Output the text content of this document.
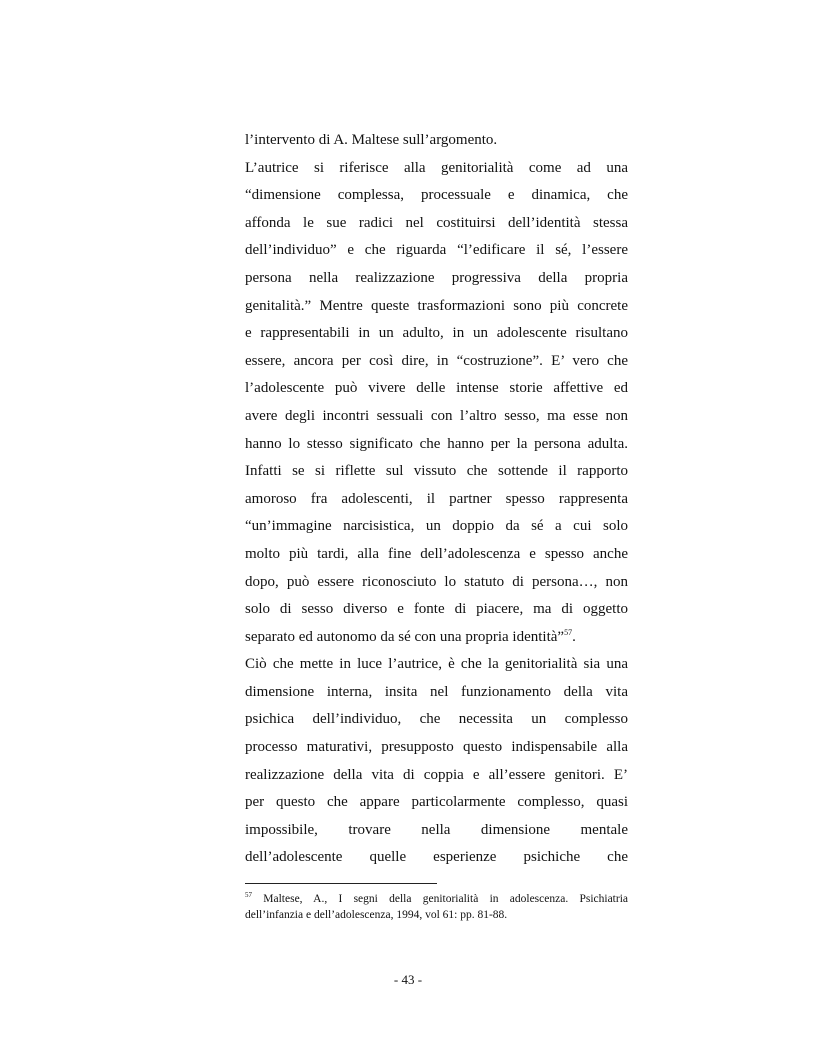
l’intervento di A. Maltese sull’argomento.
L’autrice si riferisce alla genitorialità come ad una
“dimensione complessa, processuale e dinamica, che
affonda le sue radici nel costituirsi dell’identità stessa
dell’individuo” e che riguarda “l’edificare il sé, l’essere
persona nella realizzazione progressiva della propria
genitalità.” Mentre queste trasformazioni sono più concrete
e rappresentabili in un adulto, in un adolescente risultano
essere, ancora per così dire, in “costruzione”. E’ vero che
l’adolescente può vivere delle intense storie affettive ed
avere degli incontri sessuali con l’altro sesso, ma esse non
hanno lo stesso significato che hanno per la persona adulta.
Infatti se si riflette sul vissuto che sottende il rapporto
amoroso fra adolescenti, il partner spesso rappresenta
“un’immagine narcisistica, un doppio da sé a cui solo
molto più tardi, alla fine dell’adolescenza e spesso anche
dopo, può essere riconosciuto lo statuto di persona…, non
solo di sesso diverso e fonte di piacere, ma di oggetto
separato ed autonomo da sé con una propria identità”$^{57}$.
Ciò che mette in luce l’autrice, è che la genitorialità sia una
dimensione interna, insita nel funzionamento della vita
psichica dell’individuo, che necessita un complesso
processo maturativi, presupposto questo indispensabile alla
realizzazione della vita di coppia e all’essere genitori. E’
per questo che appare particolarmente complesso, quasi
impossibile, trovare nella dimensione mentale
dell’adolescente quelle esperienze psichiche che
$^{57}$ Maltese, A., I segni della genitorialità in adolescenza. Psichiatria
dell’infanzia e dell’adolescenza, 1994, vol 61: pp. 81-88.
- 43 -
